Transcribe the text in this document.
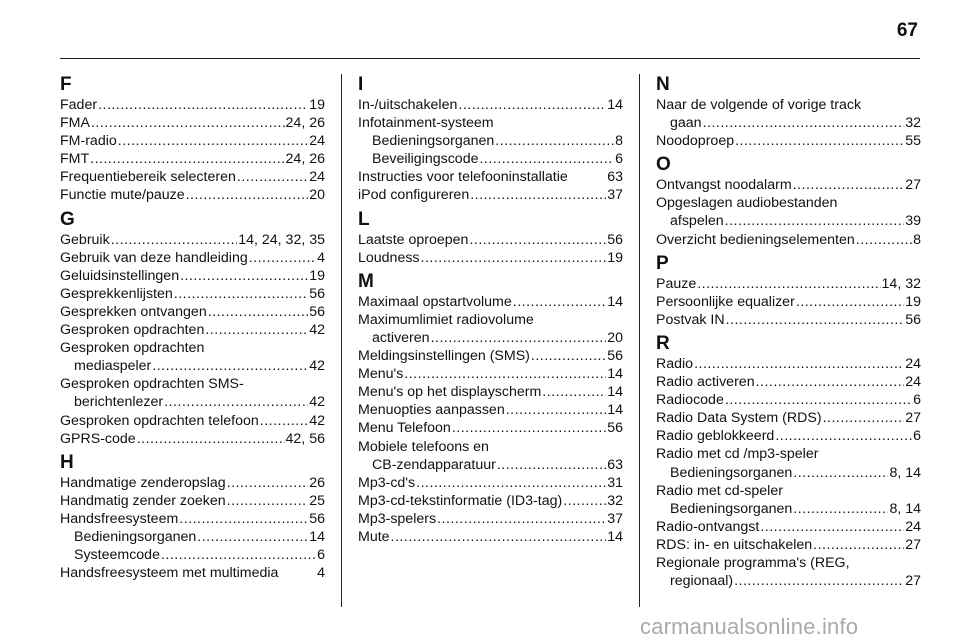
67
F
Fader .....	19
FMA .....	24, 26
FM-radio .....	24
FMT .....	24, 26
Frequentiebereik selecteren .....	24
Functie mute/pauze .....	20
G
Gebruik .....	14, 24, 32, 35
Gebruik van deze handleiding .....	4
Geluidsinstellingen .....	19
Gesprekkenlijsten .....	56
Gesprekken ontvangen .....	56
Gesproken opdrachten .....	42
Gesproken opdrachten
mediaspeler .....	42
Gesproken opdrachten SMS-
berichtenlezer .....	42
Gesproken opdrachten telefoon .....	42
GPRS-code .....	42, 56
H
Handmatige zenderopslag .....	26
Handmatig zender zoeken .....	25
Handsfreesysteem .....	56
Bedieningsorganen .....	14
Systeemcode .....	6
Handsfreesysteem met multimedia	4
I
In-/uitschakelen .....	14
Infotainment-systeem
Bedieningsorganen .....	8
Beveiligingscode .....	6
Instructies voor telefooninstallatie	63
iPod configureren .....	37
L
Laatste oproepen .....	56
Loudness .....	19
M
Maximaal opstartvolume .....	14
Maximumlimiet radiovolume
activeren .....	20
Meldingsinstellingen (SMS) .....	56
Menu's .....	14
Menu's op het displayscherm .....	14
Menuopties aanpassen .....	14
Menu Telefoon .....	56
Mobiele telefoons en
CB-zendapparatuur .....	63
Mp3-cd's .....	31
Mp3-cd-tekstinformatie (ID3-tag) .....	32
Mp3-spelers .....	37
Mute .....	14
N
Naar de volgende of vorige track
gaan .....	32
Noodoproep .....	55
O
Ontvangst noodalarm .....	27
Opgeslagen audiobestanden
afspelen .....	39
Overzicht bedieningselementen .....	8
P
Pauze .....	14, 32
Persoonlijke equalizer .....	19
Postvak IN .....	56
R
Radio .....	24
Radio activeren .....	24
Radiocode .....	6
Radio Data System (RDS) .....	27
Radio geblokkeerd .....	6
Radio met cd /mp3-speler
Bedieningsorganen .....	8, 14
Radio met cd-speler
Bedieningsorganen .....	8, 14
Radio-ontvangst .....	24
RDS: in- en uitschakelen .....	27
Regionale programma's (REG,
regionaal) .....	27
carmanualsonline.info
